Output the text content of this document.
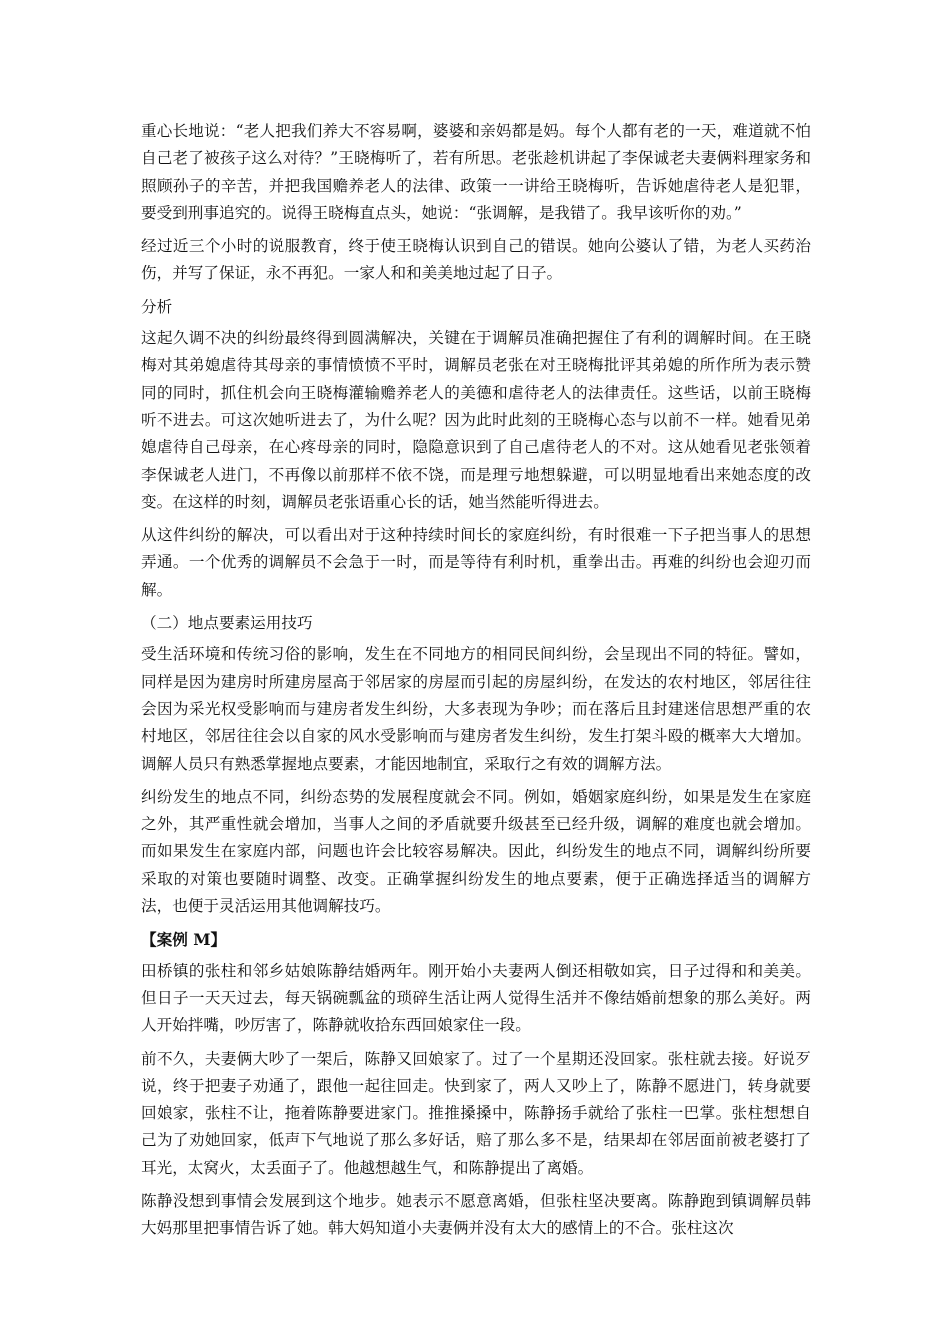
重心长地说：“老人把我们养大不容易啊，婆婆和亲妈都是妈。每个人都有老的一天，难道就不怕自己老了被孩子这么对待？”王晓梅听了，若有所思。老张趁机讲起了李保诚老夫妻俩料理家务和照顾孙子的辛苦，并把我国赡养老人的法律、政策一一讲给王晓梅听，告诉她虐待老人是犯罪，要受到刑事追究的。说得王晓梅直点头，她说：“张调解，是我错了。我早该听你的劝。”

经过近三个小时的说服教育，终于使王晓梅认识到自己的错误。她向公婆认了错，为老人买药治伤，并写了保证，永不再犯。一家人和和美美地过起了日子。

分析

这起久调不决的纠纷最终得到圆满解决，关键在于调解员准确把握住了有利的调解时间。在王晓梅对其弟媳虐待其母亲的事情愤愤不平时，调解员老张在对王晓梅批评其弟媳的所作所为表示赞同的同时，抓住机会向王晓梅灌输赡养老人的美德和虐待老人的法律责任。这些话，以前王晓梅听不进去。可这次她听进去了，为什么呢？因为此时此刻的王晓梅心态与以前不一样。她看见弟媳虐待自己母亲，在心疼母亲的同时，隐隐意识到了自己虐待老人的不对。这从她看见老张领着李保诚老人进门，不再像以前那样不依不饶，而是理亏地想躲避，可以明显地看出来她态度的改变。在这样的时刻，调解员老张语重心长的话，她当然能听得进去。

从这件纠纷的解决，可以看出对于这种持续时间长的家庭纠纷，有时很难一下子把当事人的思想弄通。一个优秀的调解员不会急于一时，而是等待有利时机，重拳出击。再难的纠纷也会迎刃而解。

（二）地点要素运用技巧

受生活环境和传统习俗的影响，发生在不同地方的相同民间纠纷，会呈现出不同的特征。譬如，同样是因为建房时所建房屋高于邻居家的房屋而引起的房屋纠纷，在发达的农村地区，邻居往往会因为采光权受影响而与建房者发生纠纷，大多表现为争吵；而在落后且封建迷信思想严重的农村地区，邻居往往会以自家的风水受影响而与建房者发生纠纷，发生打架斗殴的概率大大增加。调解人员只有熟悉掌握地点要素，才能因地制宜，采取行之有效的调解方法。

纠纷发生的地点不同，纠纷态势的发展程度就会不同。例如，婚姻家庭纠纷，如果是发生在家庭之外，其严重性就会增加，当事人之间的矛盾就要升级甚至已经升级，调解的难度也就会增加。而如果发生在家庭内部，问题也许会比较容易解决。因此，纠纷发生的地点不同，调解纠纷所要采取的对策也要随时调整、改变。正确掌握纠纷发生的地点要素，便于正确选择适当的调解方法，也便于灵活运用其他调解技巧。

【案例 M】

田桥镇的张柱和邻乡姑娘陈静结婚两年。刚开始小夫妻两人倒还相敬如宾，日子过得和和美美。但日子一天天过去，每天锅碗瓢盆的琐碎生活让两人觉得生活并不像结婚前想象的那么美好。两人开始拌嘴，吵厉害了，陈静就收拾东西回娘家住一段。

前不久，夫妻俩大吵了一架后，陈静又回娘家了。过了一个星期还没回家。张柱就去接。好说歹说，终于把妻子劝通了，跟他一起往回走。快到家了，两人又吵上了，陈静不愿进门，转身就要回娘家，张柱不让，拖着陈静要进家门。推推搡搡中，陈静扬手就给了张柱一巴掌。张柱想想自己为了劝她回家，低声下气地说了那么多好话，赔了那么多不是，结果却在邻居面前被老婆打了耳光，太窝火，太丢面子了。他越想越生气，和陈静提出了离婚。

陈静没想到事情会发展到这个地步。她表示不愿意离婚，但张柱坚决要离。陈静跑到镇调解员韩大妈那里把事情告诉了她。韩大妈知道小夫妻俩并没有太大的感情上的不合。张柱这次
